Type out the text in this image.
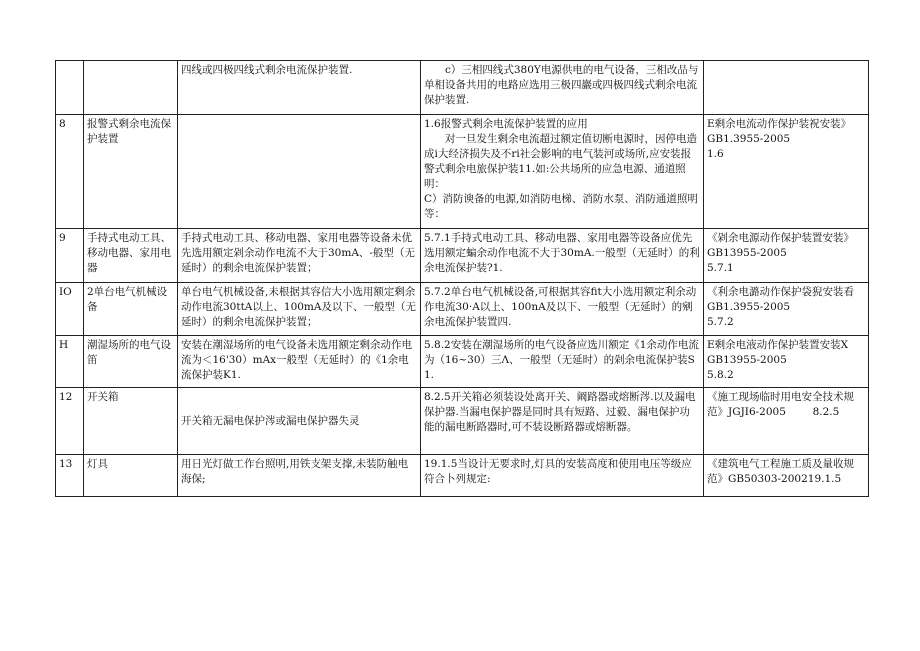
		四线或四极四线式剩余电流保护装置.	c）三相四线式380Y电源供电的电气设备，三相改品与单相设备共用的电路应选用三极四巖或四极四线式剩余电流保护装置.	

8	报警式剩余电流保护装置		1.6报警式剩余电流保护装置的应用
对一旦发生剩余电流超过额定值切断电源时，因停电造成i大经济损失及不ri社会影响的电气装河或场所,应安装报警式剩余电旅保护装11.如:公共场所的应急电源、通道照明：
C）消防谀备的电源,如消防电梯、消防水泵、消防通道照明等：	E剩余电流动作保护装祝安装》
GB1.3955-2005
1.6

9	手持式电动工具、移动电器、家用电器	手持式电动工具、移动电器、家用电器等设备未优先选用额定剁余动作电流不大于30mA、-般型（无延时）的剩余电流保护装置；	5.7.1手持式电动工具、移动电器、家用电器等设备应优先选用额定蝙余动作电流不大于30mA.一般型（无延时）的利余电流保护装?1.	《剁余电源动作保护装置安装》
GB13955-2005
5.7.1

IO	2单台电气机械设备	单台电气机械设备,未根据其容信大小选用额定剩余动作电流30ttA以上、100mA及以下、一般型（无延时）的剩余电流保护装置；	5.7.2单台电气机械设备,可根据其容fit大小选用额定利余动作电流30·A以上、100nA及以下、一般型（无延时）的剜余电流保护装置四.	《利余电潞动作保护袋猊安装看
GB1.3955-2005
5.7.2

H	潮湿场所的电气设笛	安装在潮湿场所的电气设备未选用额定剩余动作电流为＜16'30）mAx一般型（无延时）的《1余电流保护装K1.	5.8.2安装在潮湿场所的电气设备应选川额定《1余动作电流为（16~30）三Λ、一般型（无延时）的剁余电流保护装S1.	E剩余电液动作保护装置安装X
GB13955-2005
5.8.2

12	开关箱	开关箱无漏电保护涔或漏电保护器失灵	8.2.5开关箱必须装设处离开关、阚路器或熔断涔.以及漏电保护器.当漏电保护器是同时具有短路、过毅、漏电保护功能的漏电断路器时,可不装设断路器或熔断器。	《施工现场临时用电安全技术规范》JGJI6-2005        8.2.5

13	灯具	用日光灯做工作台照明,用铁支架支撑,未装防触电海保;	19.1.5当设计无要求时,灯具的安装高度和使用电压等级应符合卜列规定:	《建筑电气工程施工质及量收规范》GB50303-200219.1.5
